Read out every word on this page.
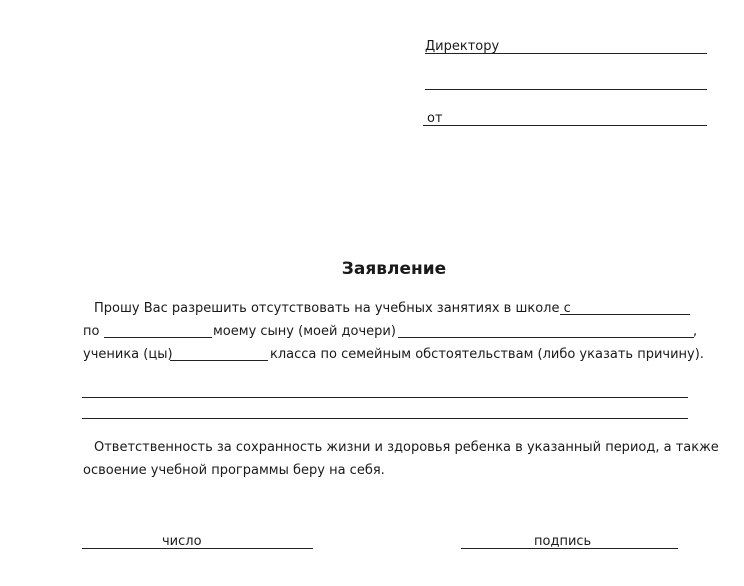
Директору
от
Заявление
Прошу Вас разрешить отсутствовать на учебных занятиях в школе с
по	моему сыну (моей дочери)	,
ученика (цы)	класса по семейным обстоятельствам (либо указать причину).
Ответственность за сохранность жизни и здоровья ребенка в указанный период, а также
освоение учебной программы беру на себя.
число	подпись
